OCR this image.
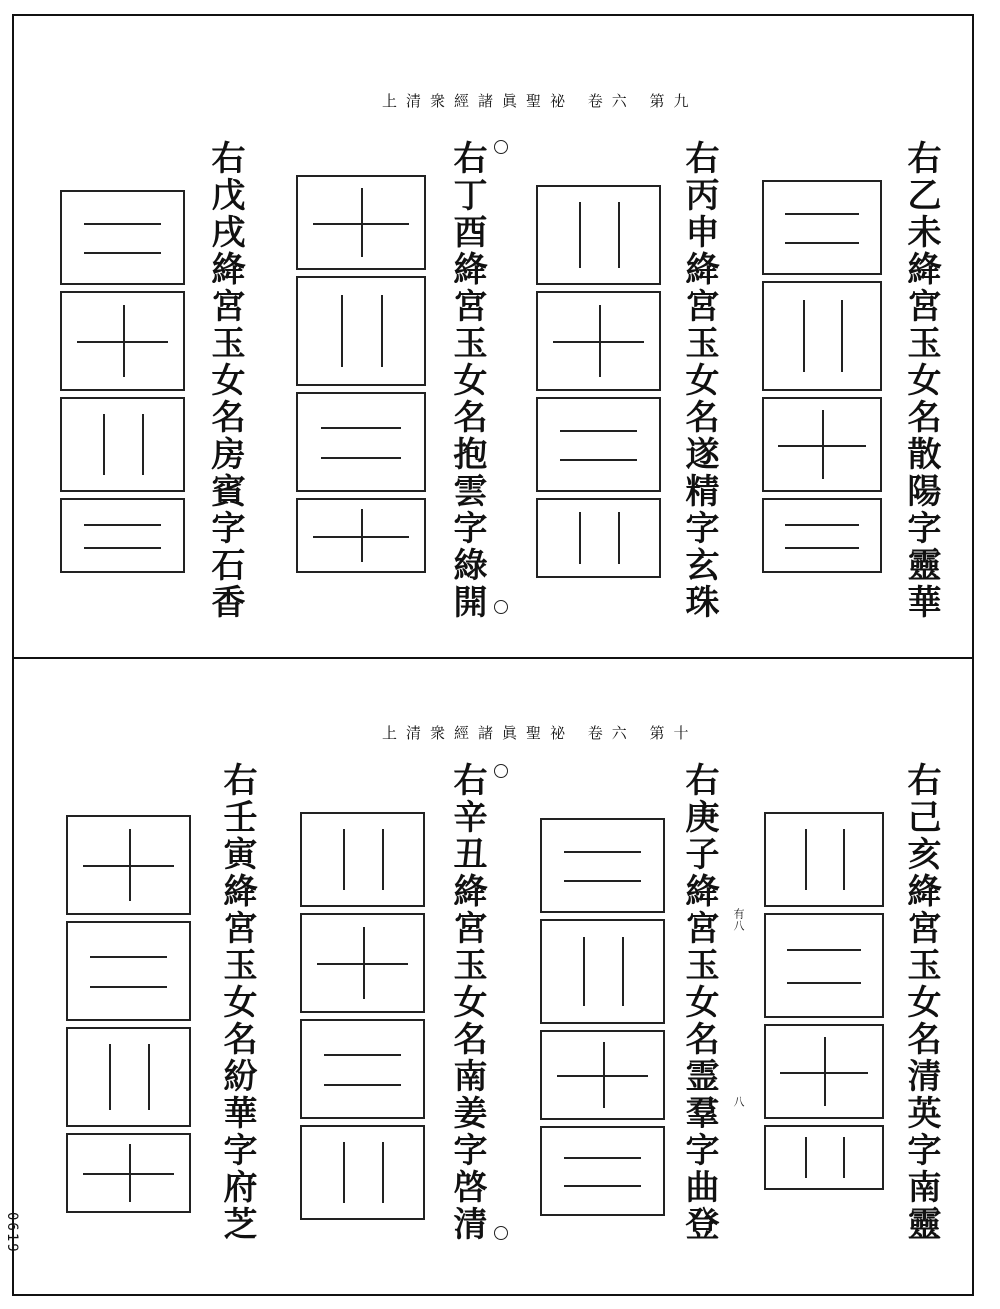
上清衆經諸眞聖祕 卷六 第九
右乙未絳宮玉女名散陽字靈華
右丙申絳宮玉女名遂精字玄珠
右丁酉絳宮玉女名抱雲字綠開
右戊戌絳宮玉女名房賓字石香
上清衆經諸眞聖祕 卷六 第十
右己亥絳宮玉女名清英字南靈
右庚子絳宮玉女名霊羣字曲登 有八
八
右辛丑絳宮玉女名南姜字啓清
右壬寅絳宮玉女名紛華字府芝
0619
